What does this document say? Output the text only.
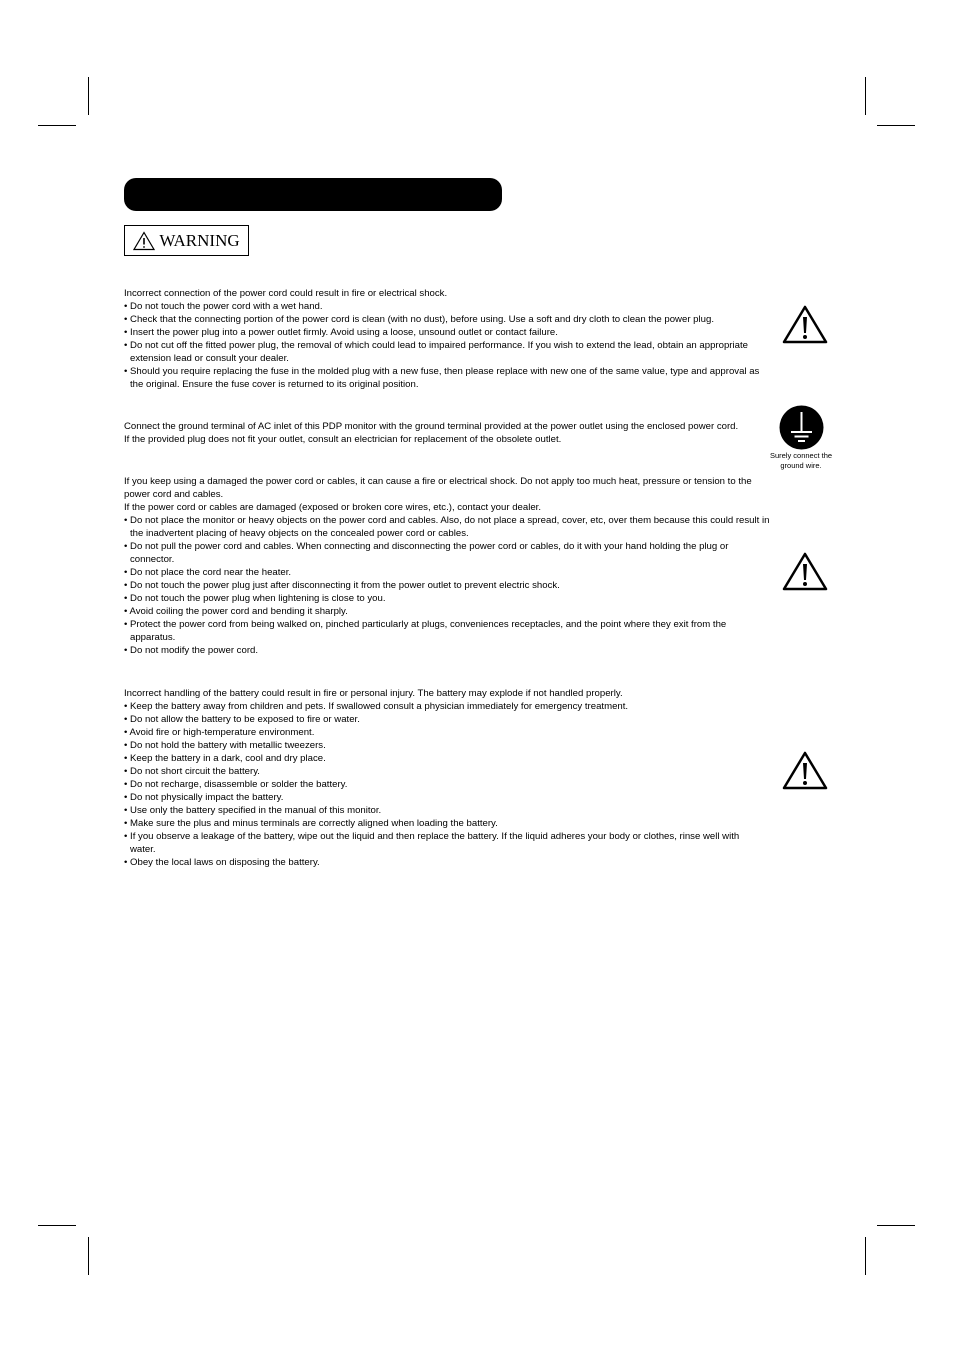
WARNING

Incorrect connection of the power cord could result in fire or electrical shock.

• Do not touch the power cord with a wet hand.
• Check that the connecting portion of the power cord is clean (with no dust), before using. Use a soft and dry cloth to clean the power plug.
• Insert the power plug into a power outlet firmly. Avoid using a loose, unsound outlet or contact failure.
• Do not cut off the fitted power plug, the removal of which could lead to impaired performance. If you wish to extend the lead, obtain an appropriate extension lead or consult your dealer.
• Should you require replacing the fuse in the molded plug with a new fuse, then please replace with new one of the same value, type and approval as the original. Ensure the fuse cover is returned to its original position.

Connect the ground terminal of AC inlet of this PDP monitor with the ground terminal provided at the power outlet using the enclosed power cord. If the provided plug does not fit your outlet, consult an electrician for replacement of the obsolete outlet.

Surely connect the ground wire.

If you keep using a damaged the power cord or cables, it can cause a fire or electrical shock. Do not apply too much heat, pressure or tension to the power cord and cables.

If the power cord or cables are damaged (exposed or broken core wires, etc.), contact your dealer.

• Do not place the monitor or heavy objects on the power cord and cables. Also, do not place a spread, cover, etc, over them because this could result in the inadvertent placing of heavy objects on the concealed power cord or cables.
• Do not pull the power cord and cables. When connecting and disconnecting the power cord or cables, do it with your hand holding the plug or connector.
• Do not place the cord near the heater.
• Do not touch the power plug just after disconnecting it from the power outlet to prevent electric shock.
• Do not touch the power plug when lightening is close to you.
• Avoid coiling the power cord and bending it sharply.
• Protect the power cord from being walked on, pinched particularly at plugs, conveniences receptacles, and the point where they exit from the apparatus.
• Do not modify the power cord.

Incorrect handling of the battery could result in fire or personal injury. The battery may explode if not handled properly.

• Keep the battery away from children and pets. If swallowed consult a physician immediately for emergency treatment.
• Do not allow the battery to be exposed to fire or water.
• Avoid fire or high-temperature environment.
• Do not hold the battery with metallic tweezers.
• Keep the battery in a dark, cool and dry place.
• Do not short circuit the battery.
• Do not recharge, disassemble or solder the battery.
• Do not physically impact the battery.
• Use only the battery specified in the manual of this monitor.
• Make sure the plus and minus terminals are correctly aligned when loading the battery.
• If you observe a leakage of the battery, wipe out the liquid and then replace the battery. If the liquid adheres your body or clothes, rinse well with water.
• Obey the local laws on disposing the battery.
